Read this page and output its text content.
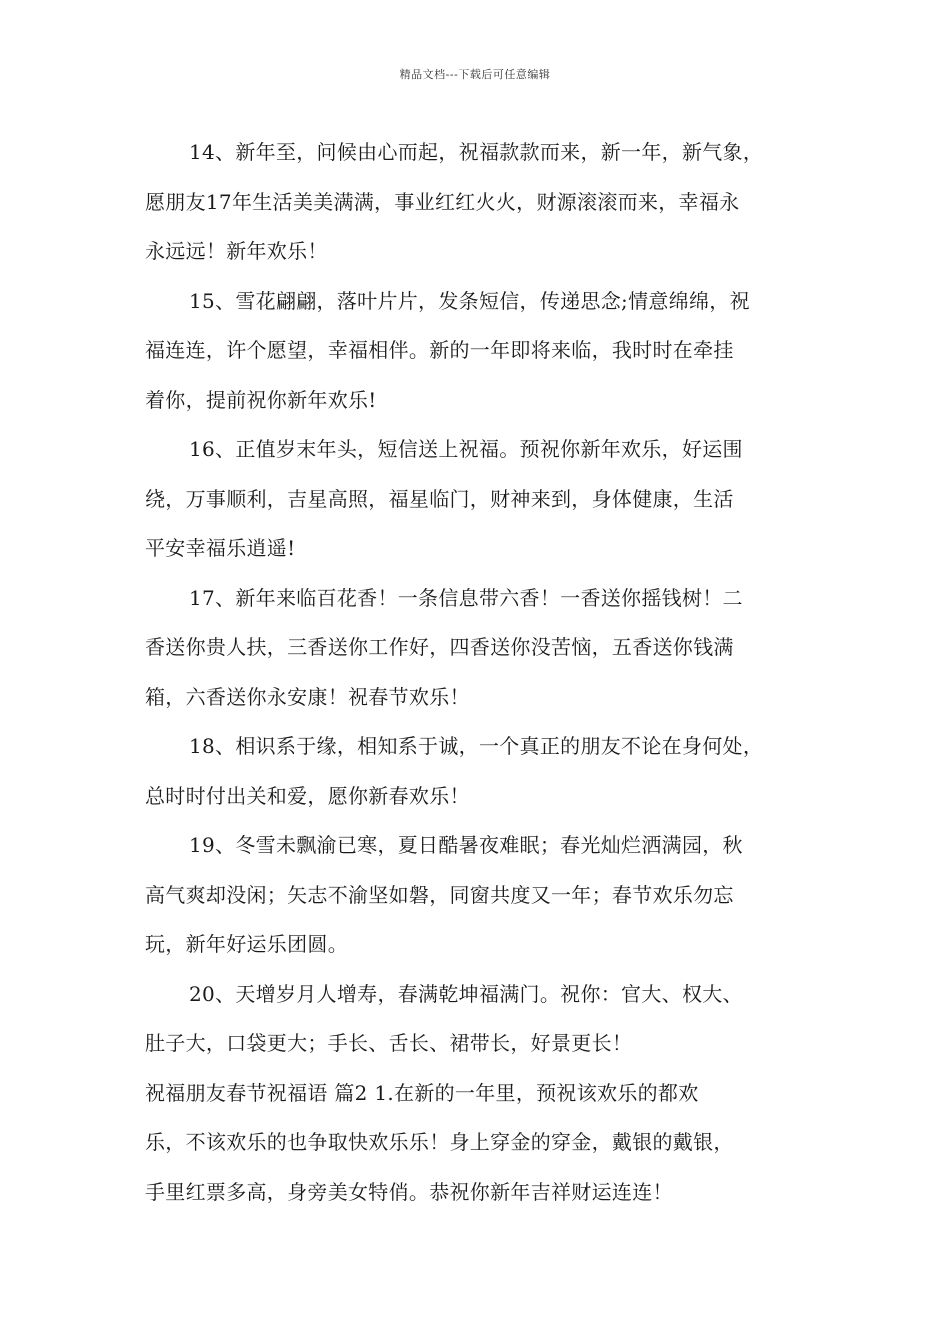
精品文档---下载后可任意编辑
14、新年至，问候由心而起，祝福款款而来，新一年，新气象，
愿朋友17年生活美美满满，事业红红火火，财源滚滚而来，幸福永
永远远！新年欢乐！
15、雪花翩翩，落叶片片，发条短信，传递思念;情意绵绵，祝
福连连，许个愿望，幸福相伴。新的一年即将来临，我时时在牵挂
着你，提前祝你新年欢乐!
16、正值岁末年头，短信送上祝福。预祝你新年欢乐，好运围
绕，万事顺利，吉星高照，福星临门，财神来到，身体健康，生活
平安幸福乐逍遥!
17、新年来临百花香！一条信息带六香！一香送你摇钱树！二
香送你贵人扶，三香送你工作好，四香送你没苦恼，五香送你钱满
箱，六香送你永安康！祝春节欢乐！
18、相识系于缘，相知系于诚，一个真正的朋友不论在身何处，
总时时付出关和爱，愿你新春欢乐！
19、冬雪未飘渝已寒，夏日酷暑夜难眠；春光灿烂洒满园，秋
高气爽却没闲；矢志不渝坚如磐，同窗共度又一年；春节欢乐勿忘
玩，新年好运乐团圆。
20、天增岁月人增寿，春满乾坤福满门。祝你：官大、权大、
肚子大，口袋更大；手长、舌长、裙带长，好景更长！
祝福朋友春节祝福语 篇2 1.在新的一年里，预祝该欢乐的都欢
乐，不该欢乐的也争取快欢乐乐！身上穿金的穿金，戴银的戴银，
手里红票多高，身旁美女特俏。恭祝你新年吉祥财运连连！
